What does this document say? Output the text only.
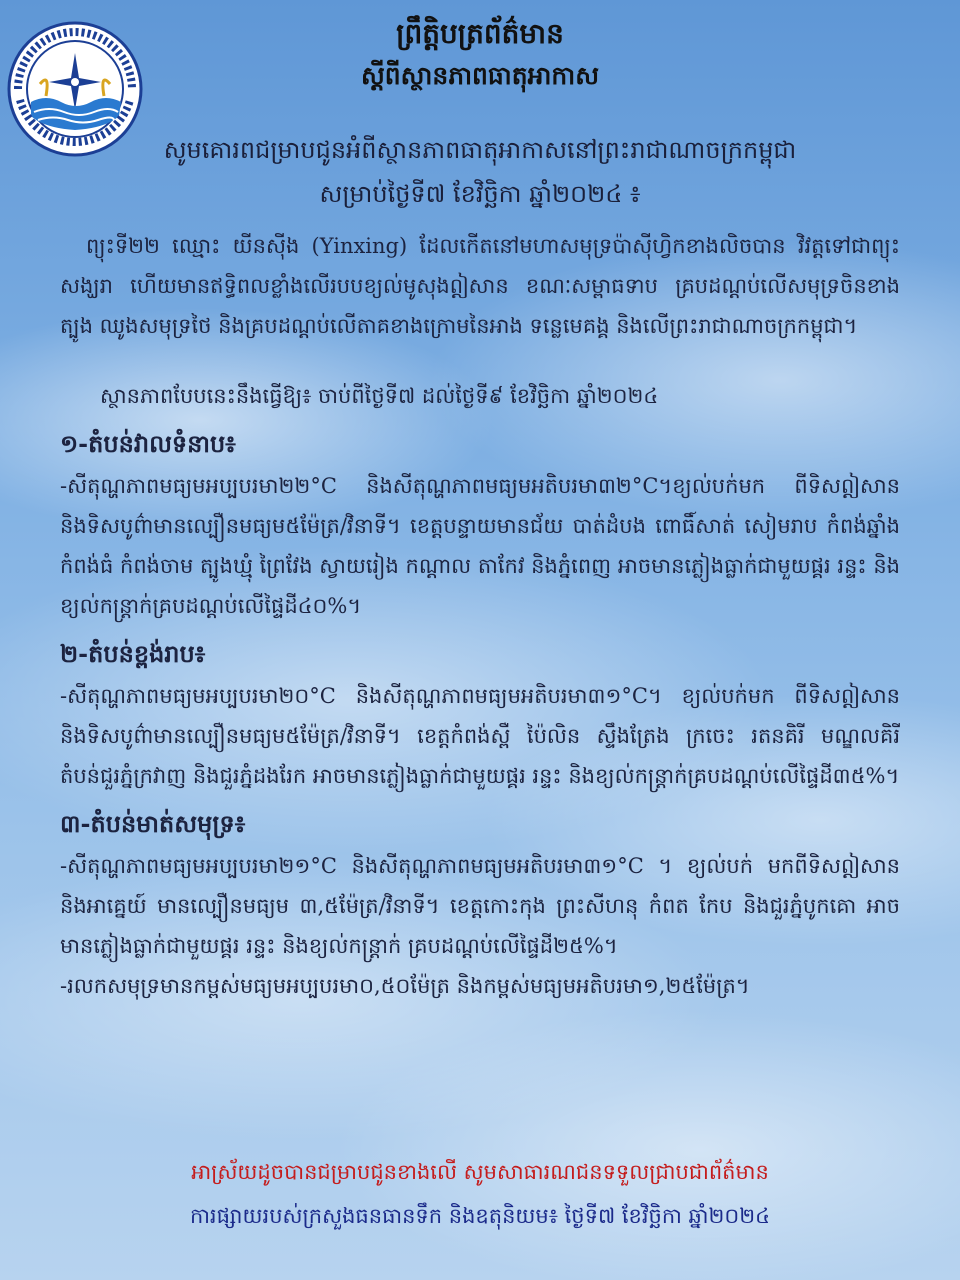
ព្រឹត្តិបត្រព័ត៌មាន
ស្ដីពីស្ថានភាពធាតុអាកាស
សូមគោរពជម្រាបជូនអំពីស្ថានភាពធាតុអាកាសនៅព្រះរាជាណាចក្រកម្ពុជា
សម្រាប់ថ្ងៃទី៧ ខែវិច្ឆិកា ឆ្នាំ២០២៤ ៖

ព្យុះទី២២ ឈ្មោះ យីនស៊ីង (Yinxing) ដែលកើតនៅមហាសមុទ្រប៉ាស៊ីហ្វិកខាងលិចបាន វិវត្តទៅជាព្យុះសង្ឃរា ហើយមានឥទ្ធិពលខ្លាំងលើរបបខ្យល់មូសុងឦសាន ខណៈសម្ពាធទាប គ្របដណ្ដប់លើសមុទ្រចិនខាងត្បូង ឈូងសមុទ្រថៃ និងគ្របដណ្ដប់លើតាគខាងក្រោមនៃអាង ទន្លេមេគង្គ និងលើព្រះរាជាណាចក្រកម្ពុជា។

ស្ថានភាពបែបនេះនឹងធ្វើឱ្យ៖ ចាប់ពីថ្ងៃទី៧ ដល់ថ្ងៃទី៩ ខែវិច្ឆិកា ឆ្នាំ២០២៤

១-តំបន់វាលទំនាប៖

-សីតុណ្ហភាពមធ្យមអប្បបរមា២២°C និងសីតុណ្ហភាពមធ្យមអតិបរមា៣២°C។ខ្យល់បក់មក ពីទិសឦសាន និងទិសបូព៌ាមានល្បឿនមធ្យម៥ម៉ែត្រ/វិនាទី។ ខេត្តបន្ទាយមានជ័យ បាត់ដំបង ពោធិ៍សាត់ សៀមរាប កំពង់ឆ្នាំង កំពង់ធំ កំពង់ចាម ត្បូងឃ្មុំ ព្រៃវែង ស្វាយរៀង កណ្ដាល តាកែវ និងភ្នំពេញ អាចមានភ្លៀងធ្លាក់ជាមួយផ្គរ រន្ទះ និងខ្យល់កន្ត្រាក់គ្របដណ្ដប់លើផ្ទៃដី៤០%។

២-តំបន់ខ្ពង់រាប៖

-សីតុណ្ហភាពមធ្យមអប្បបរមា២០°C និងសីតុណ្ហភាពមធ្យមអតិបរមា៣១°C។ ខ្យល់បក់មក ពីទិសឦសាន និងទិសបូព៌ាមានល្បឿនមធ្យម៥ម៉ែត្រ/វិនាទី។ ខេត្តកំពង់ស្ពឺ ប៉ៃលិន ស្ទឹងត្រែង ក្រចេះ រតនគិរី មណ្ឌលគិរី តំបន់ជួរភ្នំក្រវាញ និងជួរភ្នំដងរែក អាចមានភ្លៀងធ្លាក់ជាមួយផ្គរ រន្ទះ និងខ្យល់កន្ត្រាក់គ្របដណ្ដប់លើផ្ទៃដី៣៥%។

៣-តំបន់មាត់សមុទ្រ៖

-សីតុណ្ហភាពមធ្យមអប្បបរមា២១°C និងសីតុណ្ហភាពមធ្យមអតិបរមា៣១°C ។ ខ្យល់បក់ មកពីទិសឦសាន និងអាគ្នេយ៍ មានល្បឿនមធ្យម ៣,៥ម៉ែត្រ/វិនាទី។ ខេត្តកោះកុង ព្រះសីហនុ កំពត កែប និងជួរភ្នំបូកគោ អាចមានភ្លៀងធ្លាក់ជាមួយផ្គរ រន្ទះ និងខ្យល់កន្ត្រាក់ គ្របដណ្ដប់លើផ្ទៃដី២៥%។

-រលកសមុទ្រមានកម្ពស់មធ្យមអប្បបរមា០,៥០ម៉ែត្រ និងកម្ពស់មធ្យមអតិបរមា១,២៥ម៉ែត្រ។

អាស្រ័យដូចបានជម្រាបជូនខាងលើ សូមសាធារណជនទទួលជ្រាបជាព័ត៌មាន
ការផ្សាយរបស់ក្រសួងធនធានទឹក និងឧតុនិយម៖ ថ្ងៃទី៧ ខែវិច្ឆិកា ឆ្នាំ២០២៤
